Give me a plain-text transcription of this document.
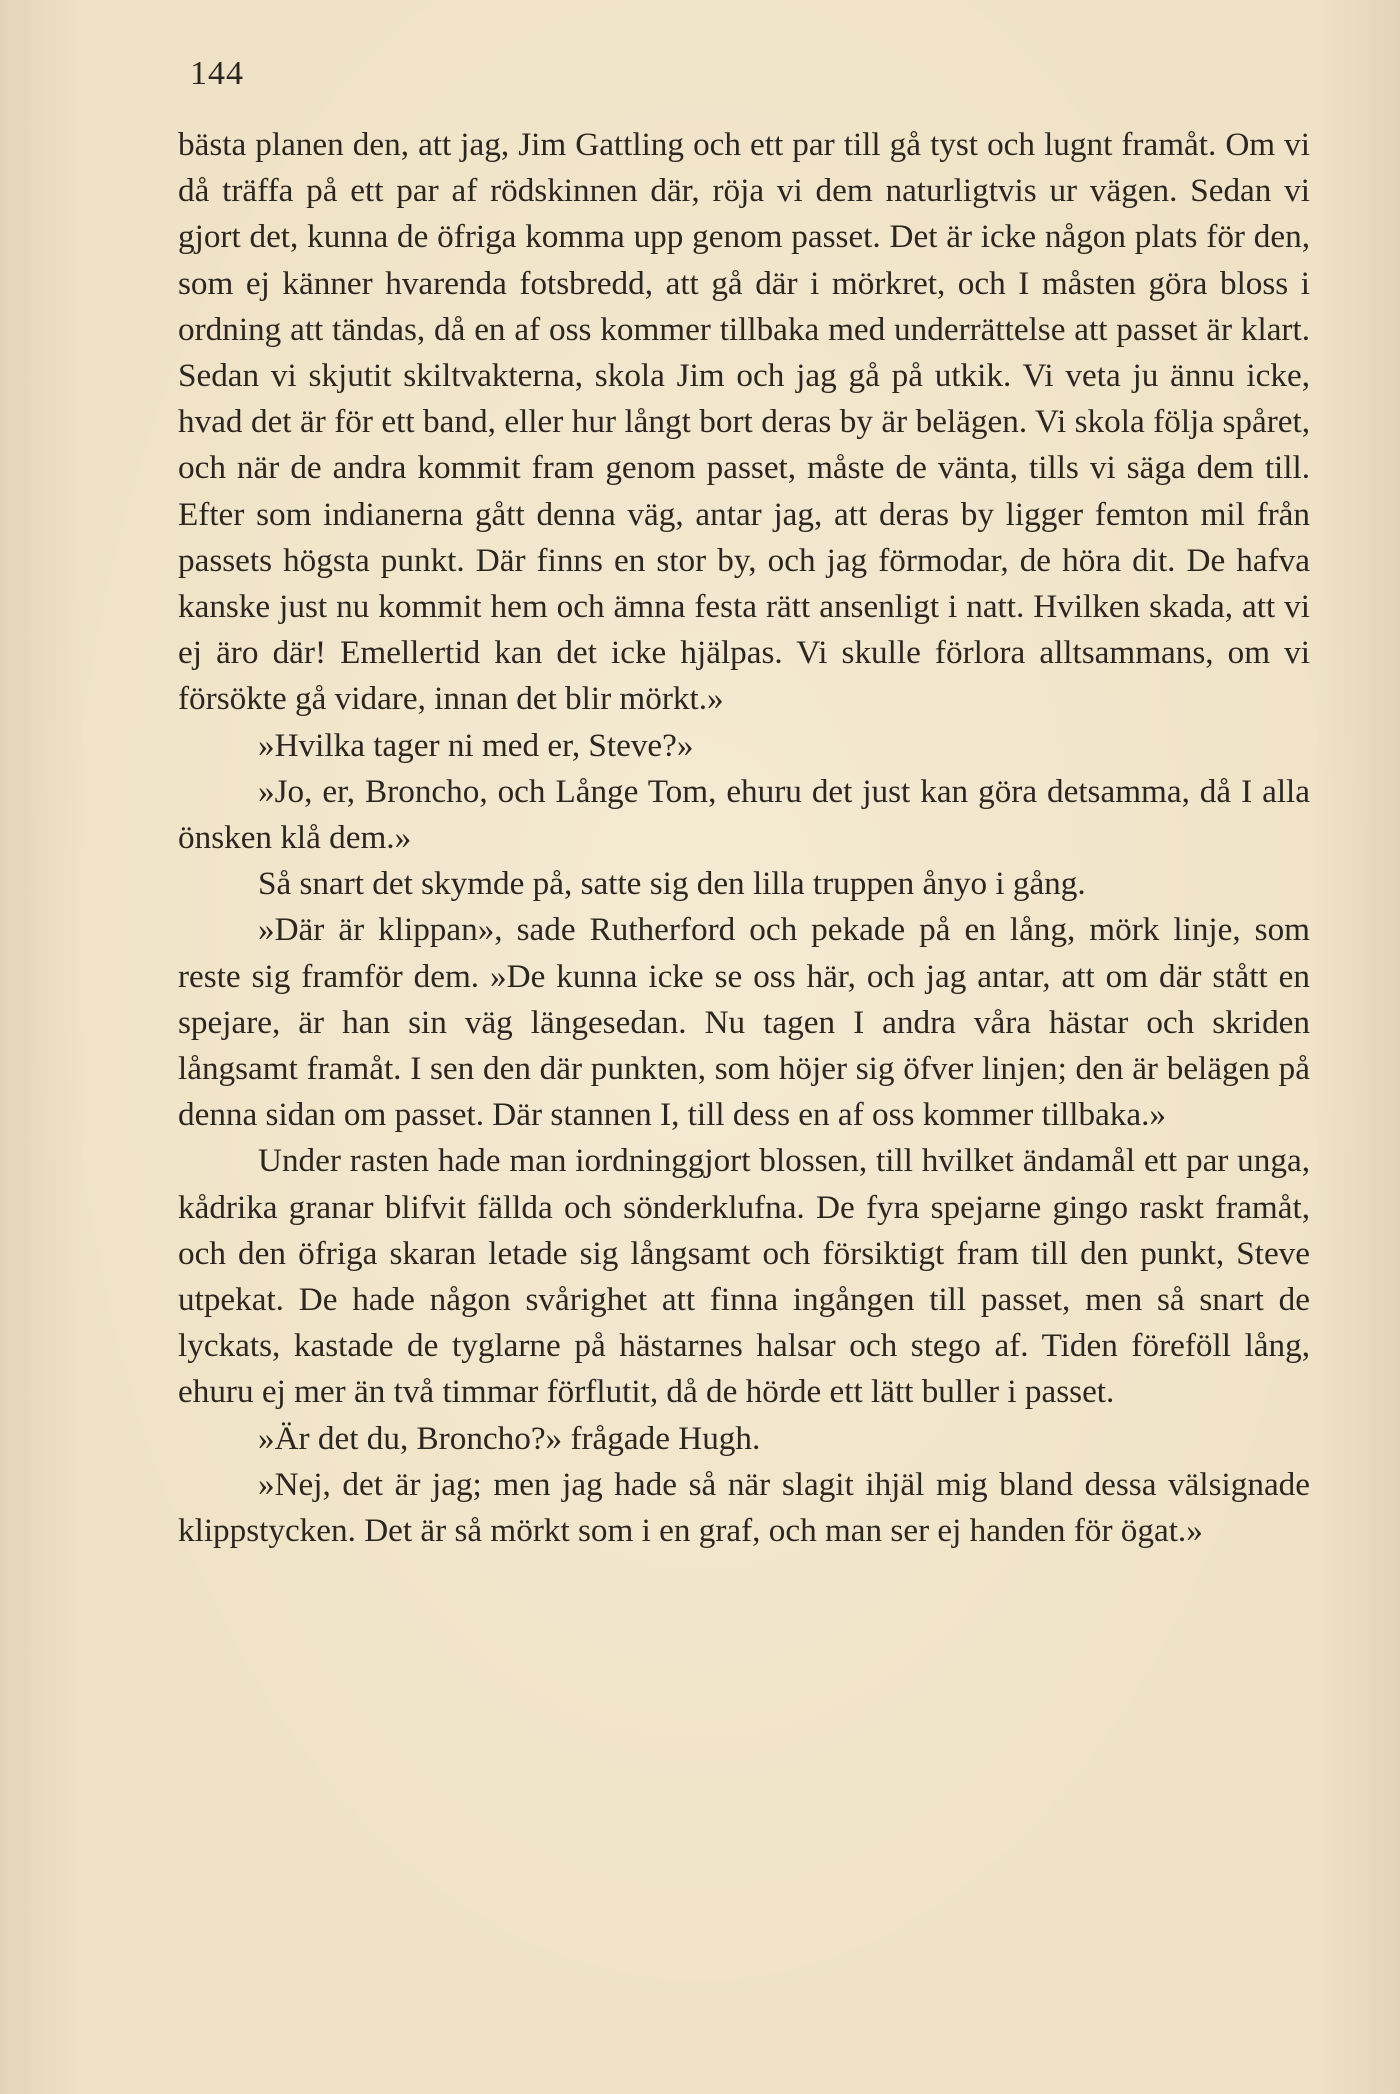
144

bästa planen den, att jag, Jim Gattling och ett par till gå tyst och lugnt framåt. Om vi då träffa på ett par af rödskinnen där, röja vi dem naturligtvis ur vägen. Sedan vi gjort det, kunna de öfriga komma upp genom passet. Det är icke någon plats för den, som ej känner hvarenda fotsbredd, att gå där i mörkret, och I måsten göra bloss i ordning att tändas, då en af oss kommer tillbaka med underrättelse att passet är klart. Sedan vi skjutit skiltvakterna, skola Jim och jag gå på utkik. Vi veta ju ännu icke, hvad det är för ett band, eller hur långt bort deras by är belägen. Vi skola följa spåret, och när de andra kommit fram genom passet, måste de vänta, tills vi säga dem till. Efter som indianerna gått denna väg, antar jag, att deras by ligger femton mil från passets högsta punkt. Där finns en stor by, och jag förmodar, de höra dit. De hafva kanske just nu kommit hem och ämna festa rätt ansenligt i natt. Hvilken skada, att vi ej äro där! Emellertid kan det icke hjälpas. Vi skulle förlora alltsammans, om vi försökte gå vidare, innan det blir mörkt.»

»Hvilka tager ni med er, Steve?»

»Jo, er, Broncho, och Långe Tom, ehuru det just kan göra detsamma, då I alla önsken klå dem.»

Så snart det skymde på, satte sig den lilla truppen ånyo i gång.

»Där är klippan», sade Rutherford och pekade på en lång, mörk linje, som reste sig framför dem. »De kunna icke se oss här, och jag antar, att om där stått en spejare, är han sin väg längesedan. Nu tagen I andra våra hästar och skriden långsamt framåt. I sen den där punkten, som höjer sig öfver linjen; den är belägen på denna sidan om passet. Där stannen I, till dess en af oss kommer tillbaka.»

Under rasten hade man iordninggjort blossen, till hvilket ändamål ett par unga, kådrika granar blifvit fällda och sönderklufna. De fyra spejarne gingo raskt framåt, och den öfriga skaran letade sig långsamt och försiktigt fram till den punkt, Steve utpekat. De hade någon svårighet att finna ingången till passet, men så snart de lyckats, kastade de tyglarne på hästarnes halsar och stego af. Tiden föreföll lång, ehuru ej mer än två timmar förflutit, då de hörde ett lätt buller i passet.

»Är det du, Broncho?» frågade Hugh.

»Nej, det är jag; men jag hade så när slagit ihjäl mig bland dessa välsignade klippstycken. Det är så mörkt som i en graf, och man ser ej handen för ögat.»
